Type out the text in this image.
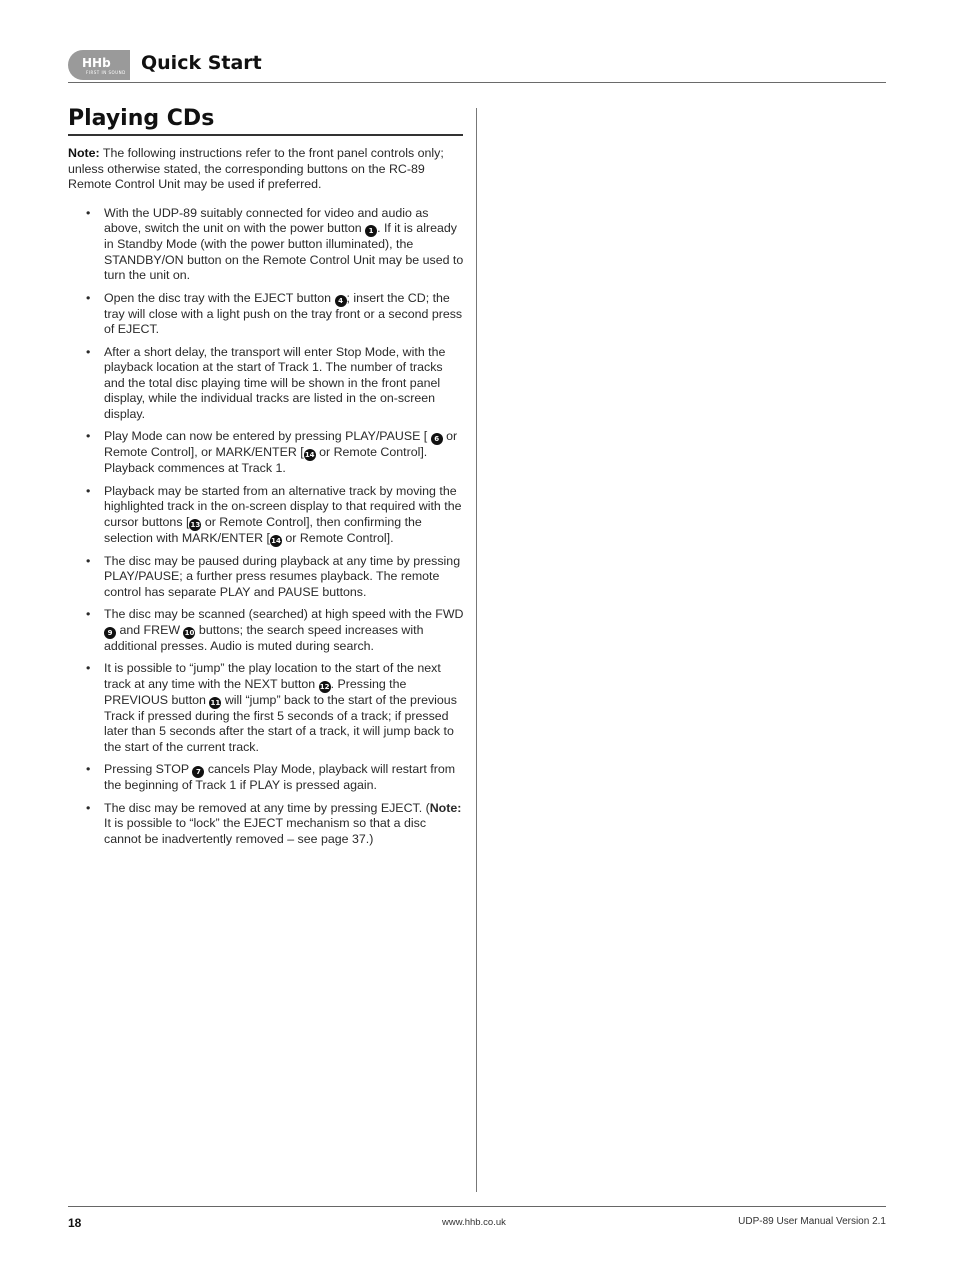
HHb
FIRST IN SOUND Quick Start
Playing CDs

Note: The following instructions refer to the front panel controls only; unless otherwise stated, the corresponding buttons on the RC-89 Remote Control Unit may be used if preferred.

• With the UDP-89 suitably connected for video and audio as above, switch the unit on with the power button 1 . If it is already in Standby Mode (with the power button illuminated), the STANDBY/ON button on the Remote Control Unit may be used to turn the unit on.
• Open the disc tray with the EJECT button 4 ; insert the CD; the tray will close with a light push on the tray front or a second press of EJECT.
• After a short delay, the transport will enter Stop Mode, with the playback location at the start of Track 1. The number of tracks and the total disc playing time will be shown in the front panel display, while the individual tracks are listed in the on-screen display.
• Play Mode can now be entered by pressing PLAY/PAUSE [ 6 or Remote Control], or MARK/ENTER [14 or Remote Control]. Playback commences at Track 1.
• Playback may be started from an alternative track by moving the highlighted track in the on-screen display to that required with the cursor buttons [13 or Remote Control], then confirming the selection with MARK/ENTER [14 or Remote Control].
• The disc may be paused during playback at any time by pressing PLAY/PAUSE; a further press resumes playback. The remote control has separate PLAY and PAUSE buttons.
• The disc may be scanned (searched) at high speed with the FWD 9 and FREW 10 buttons; the search speed increases with additional presses. Audio is muted during search.
• It is possible to “jump” the play location to the start of the next track at any time with the NEXT button 12. Pressing the PREVIOUS button 11 will “jump” back to the start of the previous Track if pressed during the first 5 seconds of a track; if pressed later than 5 seconds after the start of a track, it will jump back to the start of the current track.
• Pressing STOP 7 cancels Play Mode, playback will restart from the beginning of Track 1 if PLAY is pressed again.
• The disc may be removed at any time by pressing EJECT. (Note: It is possible to “lock” the EJECT mechanism so that a disc cannot be inadvertently removed – see page 37.)
18	www.hhb.co.uk	UDP-89 User Manual Version 2.1
